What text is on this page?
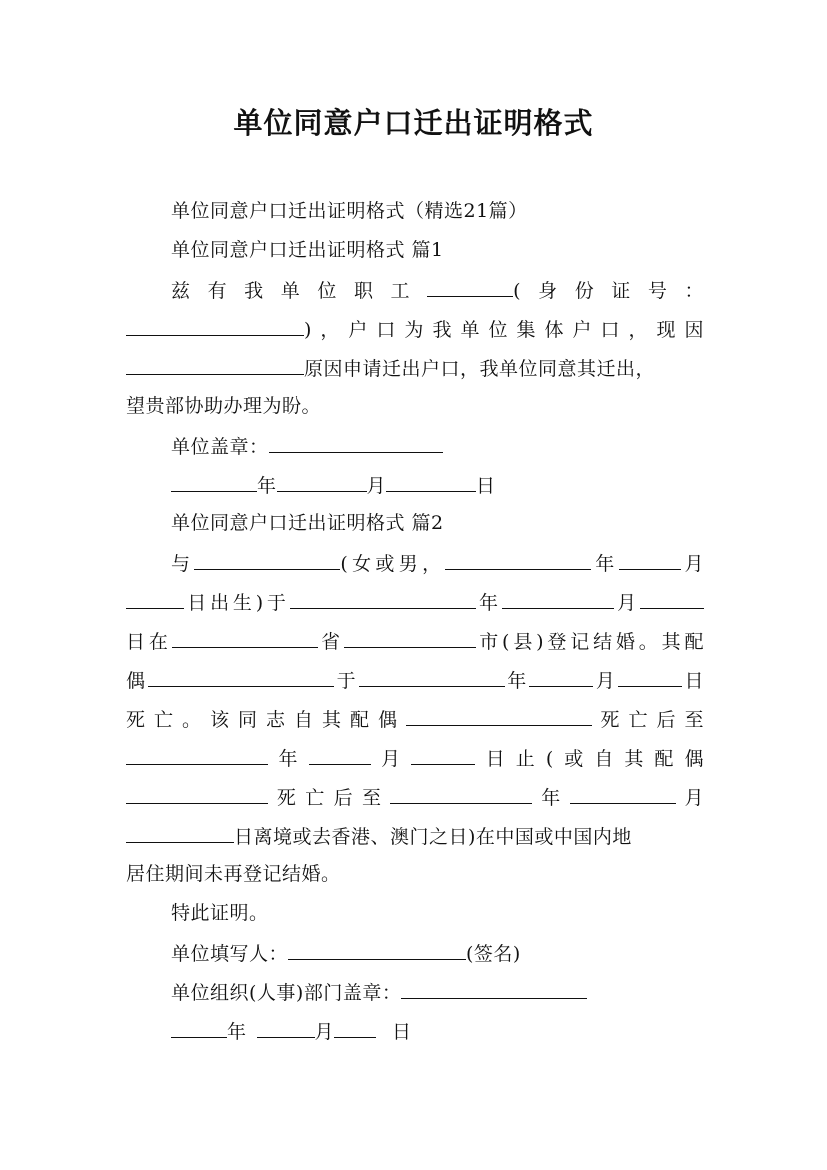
单位同意户口迁出证明格式
单位同意户口迁出证明格式（精选21篇）
单位同意户口迁出证明格式 篇1
兹有我单位职工	(身份证号：
)，户口为我单位集体户口，现因
原因申请迁出户口，我单位同意其迁出，
望贵部协助办理为盼。
单位盖章：
年	月	日
单位同意户口迁出证明格式 篇2
与	(女或男，	年	月
日出生)于	年	月
日在	省	市(县)登记结婚。其配
偶	于	年	月	日
死亡。该同志自其配偶	死亡后至
年	月	日止(或自其配偶
死亡后至	年	月
日离境或去香港、澳门之日)在中国或中国内地
居住期间未再登记结婚。
特此证明。
单位填写人：	(签名)
单位组织(人事)部门盖章：
年	月	日
